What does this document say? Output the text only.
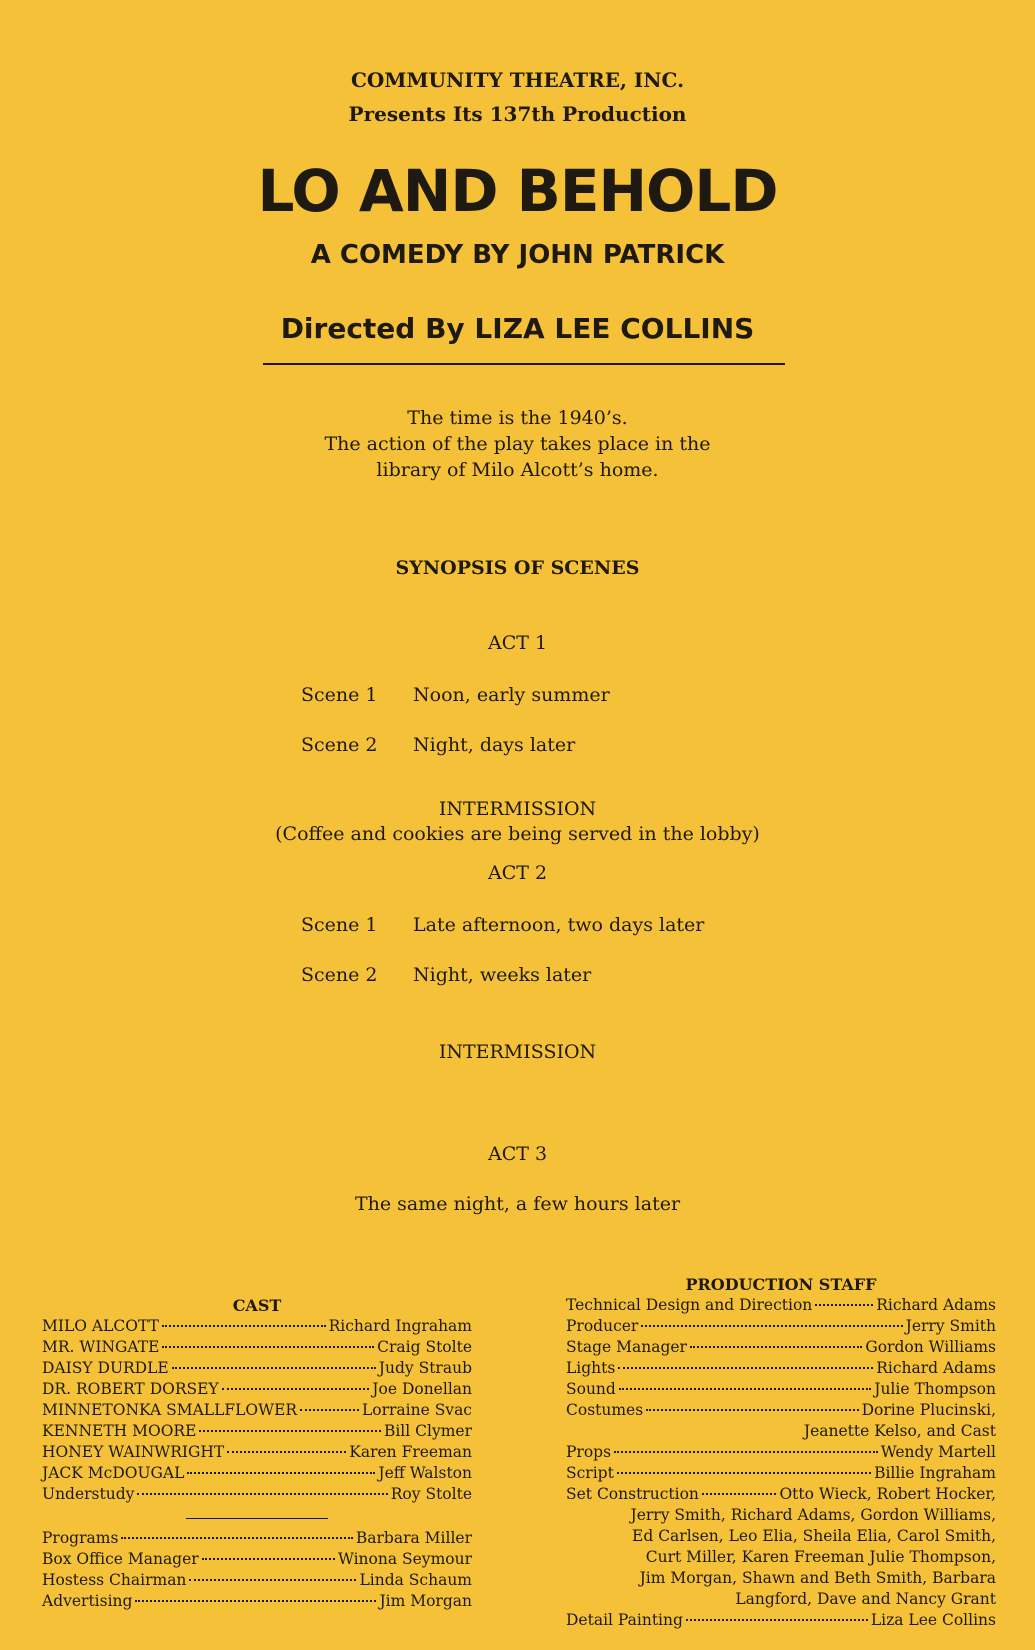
COMMUNITY THEATRE, INC.
Presents Its 137th Production
LO AND BEHOLD
A COMEDY BY JOHN PATRICK
Directed By LIZA LEE COLLINS
The time is the 1940’s.
The action of the play takes place in the
library of Milo Alcott’s home.
SYNOPSIS OF SCENES
ACT 1
Scene 1 Noon, early summer
Scene 2 Night, days later
INTERMISSION
(Coffee and cookies are being served in the lobby)
ACT 2
Scene 1 Late afternoon, two days later
Scene 2 Night, weeks later
INTERMISSION
ACT 3
The same night, a few hours later
CAST
MILO ALCOTT	Richard Ingraham
MR. WINGATE	Craig Stolte
DAISY DURDLE	Judy Straub
DR. ROBERT DORSEY	Joe Donellan
MINNETONKA SMALLFLOWER	Lorraine Svac
KENNETH MOORE	Bill Clymer
HONEY WAINWRIGHT	Karen Freeman
JACK McDOUGAL	Jeff Walston
Understudy	Roy Stolte
Programs	Barbara Miller
Box Office Manager	Winona Seymour
Hostess Chairman	Linda Schaum
Advertising	Jim Morgan
PRODUCTION STAFF
Technical Design and Direction	Richard Adams
Producer	Jerry Smith
Stage Manager	Gordon Williams
Lights	Richard Adams
Sound	Julie Thompson
Costumes	Dorine Plucinski,
Jeanette Kelso, and Cast
Props	Wendy Martell
Script	Billie Ingraham
Set Construction	Otto Wieck, Robert Hocker,
Jerry Smith, Richard Adams, Gordon Williams,
Ed Carlsen, Leo Elia, Sheila Elia, Carol Smith,
Curt Miller, Karen Freeman Julie Thompson,
Jim Morgan, Shawn and Beth Smith, Barbara
Langford, Dave and Nancy Grant
Detail Painting	Liza Lee Collins
